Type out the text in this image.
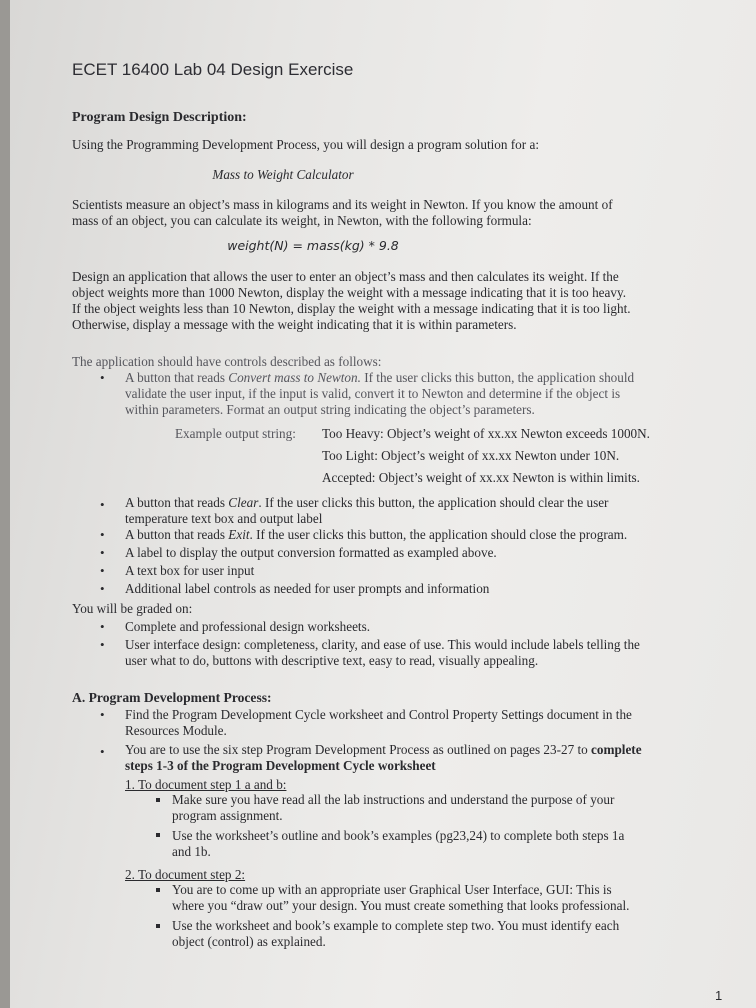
ECET 16400 Lab 04 Design Exercise
Program Design Description:
Using the Programming Development Process, you will design a program solution for a:
Mass to Weight Calculator
Scientists measure an object’s mass in kilograms and its weight in Newton. If you know the amount of
mass of an object, you can calculate its weight, in Newton, with the following formula:
weight(N) = mass(kg) * 9.8
Design an application that allows the user to enter an object’s mass and then calculates its weight. If the
object weights more than 1000 Newton, display the weight with a message indicating that it is too heavy.
If the object weights less than 10 Newton, display the weight with a message indicating that it is too light.
Otherwise, display a message with the weight indicating that it is within parameters.
The application should have controls described as follows:
• A button that reads Convert mass to Newton. If the user clicks this button, the application should
validate the user input, if the input is valid, convert it to Newton and determine if the object is
within parameters. Format an output string indicating the object’s parameters.
Example output string: Too Heavy: Object’s weight of xx.xx Newton exceeds 1000N.
Too Light: Object’s weight of xx.xx Newton under 10N.
Accepted: Object’s weight of xx.xx Newton is within limits.
• A button that reads Clear. If the user clicks this button, the application should clear the user
temperature text box and output label
• A button that reads Exit. If the user clicks this button, the application should close the program.
• A label to display the output conversion formatted as exampled above.
• A text box for user input
• Additional label controls as needed for user prompts and information
You will be graded on:
• Complete and professional design worksheets.
• User interface design: completeness, clarity, and ease of use. This would include labels telling the
user what to do, buttons with descriptive text, easy to read, visually appealing.
A. Program Development Process:
• Find the Program Development Cycle worksheet and Control Property Settings document in the
Resources Module.
• You are to use the six step Program Development Process as outlined on pages 23-27 to complete
steps 1-3 of the Program Development Cycle worksheet
1. To document step 1 a and b:
Make sure you have read all the lab instructions and understand the purpose of your
program assignment.
Use the worksheet’s outline and book’s examples (pg23,24) to complete both steps 1a
and 1b.
2. To document step 2:
You are to come up with an appropriate user Graphical User Interface, GUI: This is
where you “draw out” your design. You must create something that looks professional.
Use the worksheet and book’s example to complete step two. You must identify each
object (control) as explained.
1
